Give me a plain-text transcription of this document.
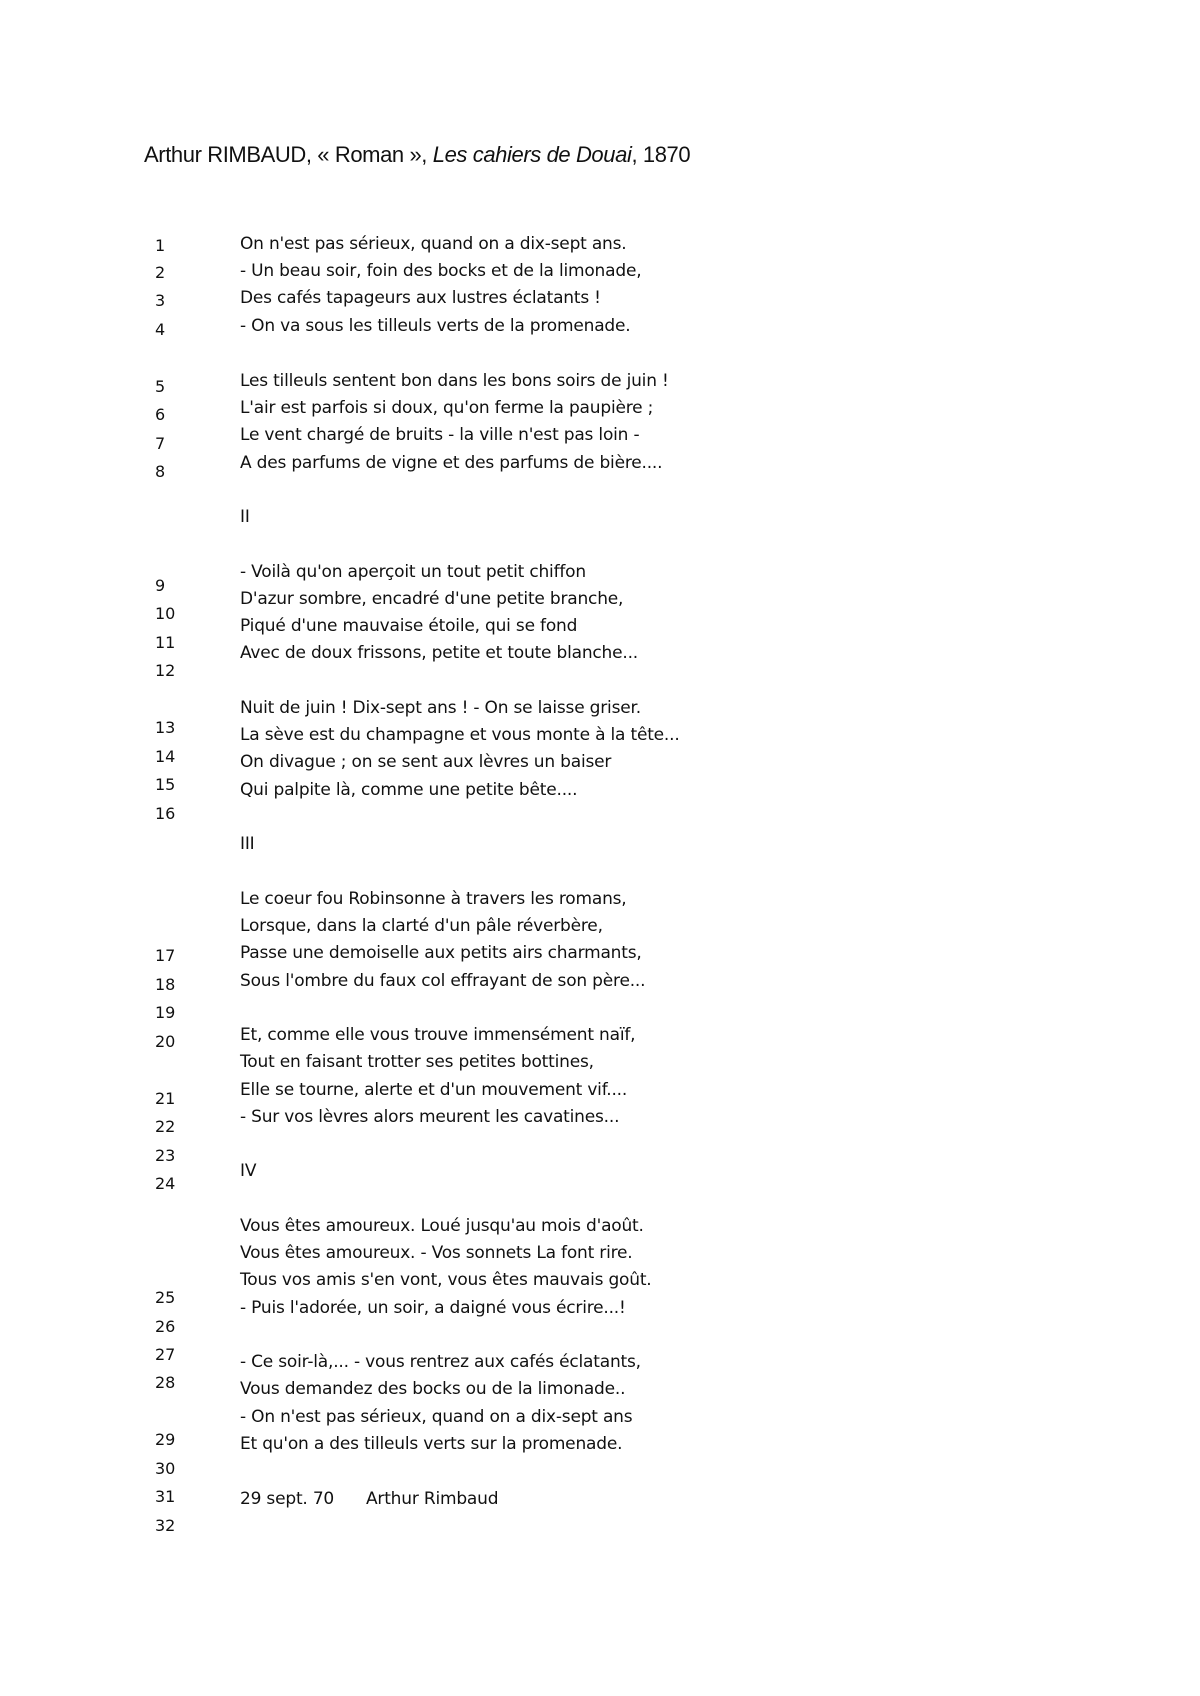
Arthur RIMBAUD, « Roman », Les cahiers de Douai, 1870
1
2
3
4
5
6
7
8
9
10
11
12
13
14
15
16
17
18
19
20
21
22
23
24
25
26
27
28
29
30
31
32
On n'est pas sérieux, quand on a dix-sept ans.
- Un beau soir, foin des bocks et de la limonade,
Des cafés tapageurs aux lustres éclatants !
- On va sous les tilleuls verts de la promenade.
Les tilleuls sentent bon dans les bons soirs de juin !
L'air est parfois si doux, qu'on ferme la paupière ;
Le vent chargé de bruits - la ville n'est pas loin -
A des parfums de vigne et des parfums de bière....
II
- Voilà qu'on aperçoit un tout petit chiffon
D'azur sombre, encadré d'une petite branche,
Piqué d'une mauvaise étoile, qui se fond
Avec de doux frissons, petite et toute blanche...
Nuit de juin ! Dix-sept ans ! - On se laisse griser.
La sève est du champagne et vous monte à la tête...
On divague ; on se sent aux lèvres un baiser
Qui palpite là, comme une petite bête....
III
Le coeur fou Robinsonne à travers les romans,
Lorsque, dans la clarté d'un pâle réverbère,
Passe une demoiselle aux petits airs charmants,
Sous l'ombre du faux col effrayant de son père...
Et, comme elle vous trouve immensément naïf,
Tout en faisant trotter ses petites bottines,
Elle se tourne, alerte et d'un mouvement vif....
- Sur vos lèvres alors meurent les cavatines...
IV
Vous êtes amoureux. Loué jusqu'au mois d'août.
Vous êtes amoureux. - Vos sonnets La font rire.
Tous vos amis s'en vont, vous êtes mauvais goût.
- Puis l'adorée, un soir, a daigné vous écrire...!
- Ce soir-là,... - vous rentrez aux cafés éclatants,
Vous demandez des bocks ou de la limonade..
- On n'est pas sérieux, quand on a dix-sept ans
Et qu'on a des tilleuls verts sur la promenade.
29 sept. 70 Arthur Rimbaud
